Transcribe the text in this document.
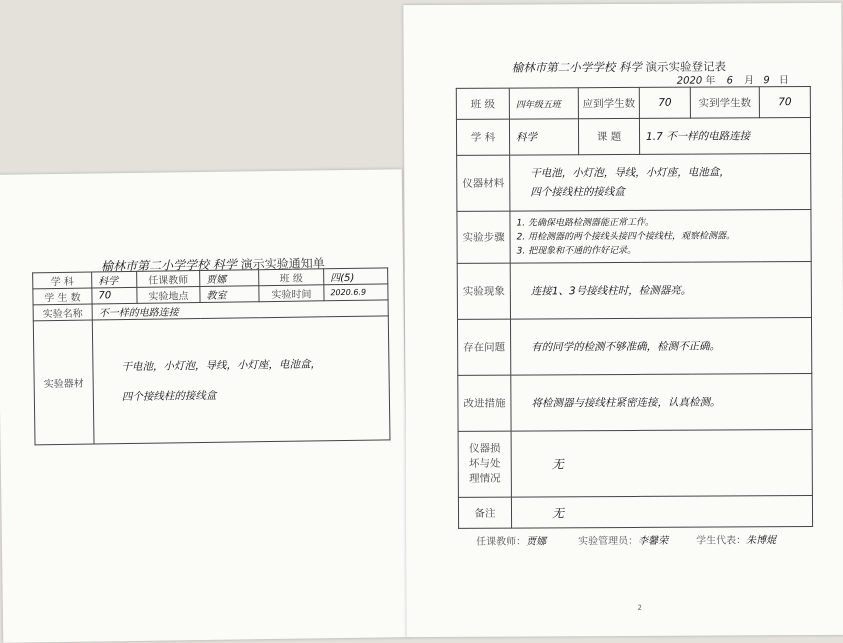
榆林市第二小学学校 科学 演示实验通知单
学 科	科学	任课教师	贾娜	班 级	四(5)
学 生 数	70	实验地点	教室	实验时间	2020.6.9
实验名称	不一样的电路连接				
实验器材	干电池，小灯泡，导线，小灯座，电池盒，
四个接线柱的接线盒				
榆林市第二小学学校 科学 演示实验登记表
2020 年 6 月 9 日
班 级	四年级五班	应到学生数	70	实到学生数	70
学 科	科学	课 题	1.7 不一样的电路连接		
仪器材料	干电池，小灯泡，导线，小灯座，电池盒，
四个接线柱的接线盒				

实验步骤	1. 先确保电路检测器能正常工作。
2. 用检测器的两个接线头接四个接线柱，观察检测器。
3. 把现象和不通的作好记录。				

实验现象	连接1、3号接线柱时，检测器亮。				
存在问题	有的同学的检测不够准确，检测不正确。				
改进措施	将检测器与接线柱紧密连接，认真检测。				
仪器损坏与处理情况	无				
备注	无				
任课教师：贾娜	实验管理员：李馨荣	学生代表：朱博焜
2
